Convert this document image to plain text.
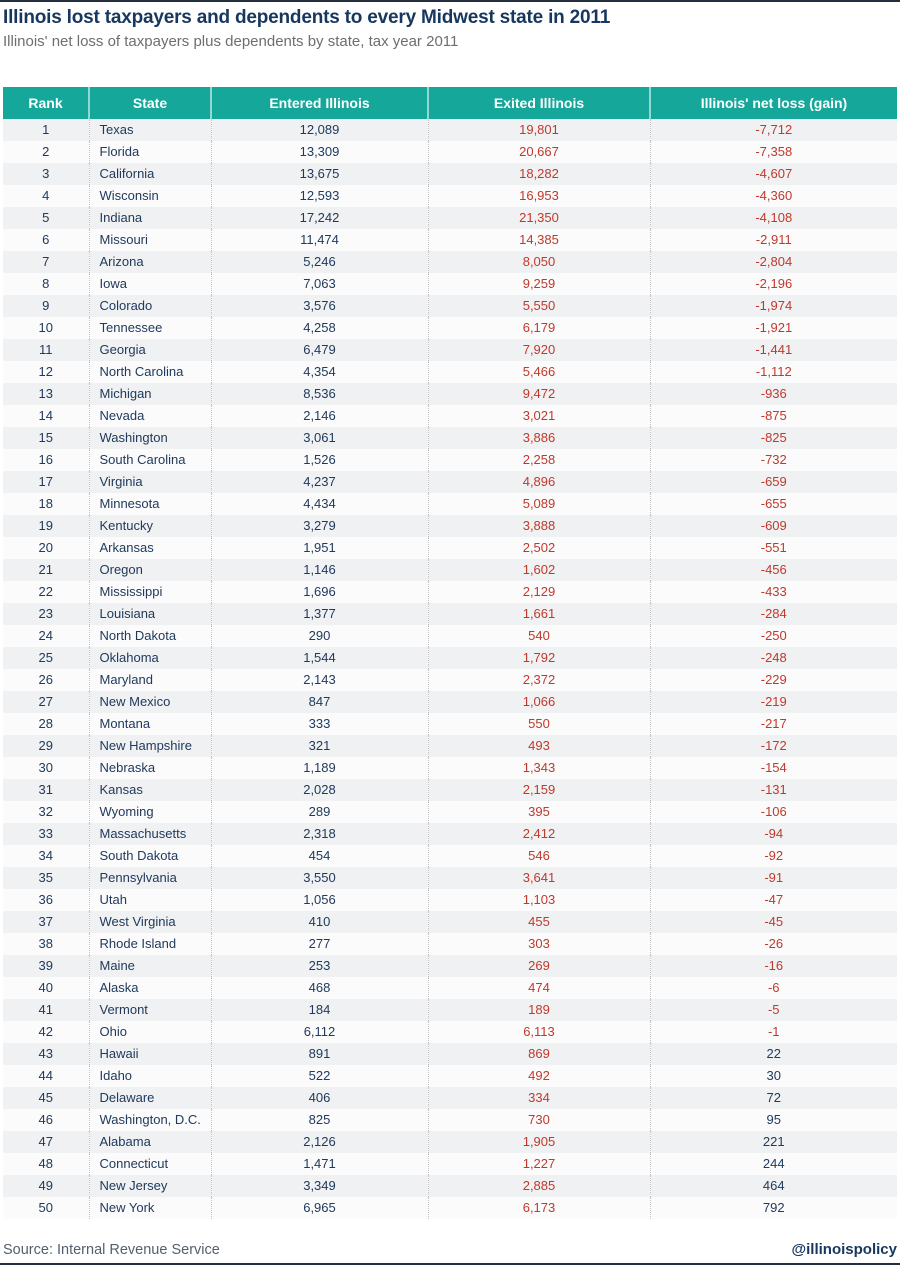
Illinois lost taxpayers and dependents to every Midwest state in 2011

Illinois' net loss of taxpayers plus dependents by state, tax year 2011

Rank	State	Entered Illinois	Exited Illinois	Illinois' net loss (gain)
1	Texas	12,089	19,801	-7,712
2	Florida	13,309	20,667	-7,358
3	California	13,675	18,282	-4,607
4	Wisconsin	12,593	16,953	-4,360
5	Indiana	17,242	21,350	-4,108
6	Missouri	11,474	14,385	-2,911
7	Arizona	5,246	8,050	-2,804
8	Iowa	7,063	9,259	-2,196
9	Colorado	3,576	5,550	-1,974
10	Tennessee	4,258	6,179	-1,921
11	Georgia	6,479	7,920	-1,441
12	North Carolina	4,354	5,466	-1,112
13	Michigan	8,536	9,472	-936
14	Nevada	2,146	3,021	-875
15	Washington	3,061	3,886	-825
16	South Carolina	1,526	2,258	-732
17	Virginia	4,237	4,896	-659
18	Minnesota	4,434	5,089	-655
19	Kentucky	3,279	3,888	-609
20	Arkansas	1,951	2,502	-551
21	Oregon	1,146	1,602	-456
22	Mississippi	1,696	2,129	-433
23	Louisiana	1,377	1,661	-284
24	North Dakota	290	540	-250
25	Oklahoma	1,544	1,792	-248
26	Maryland	2,143	2,372	-229
27	New Mexico	847	1,066	-219
28	Montana	333	550	-217
29	New Hampshire	321	493	-172
30	Nebraska	1,189	1,343	-154
31	Kansas	2,028	2,159	-131
32	Wyoming	289	395	-106
33	Massachusetts	2,318	2,412	-94
34	South Dakota	454	546	-92
35	Pennsylvania	3,550	3,641	-91
36	Utah	1,056	1,103	-47
37	West Virginia	410	455	-45
38	Rhode Island	277	303	-26
39	Maine	253	269	-16
40	Alaska	468	474	-6
41	Vermont	184	189	-5
42	Ohio	6,112	6,113	-1
43	Hawaii	891	869	22
44	Idaho	522	492	30
45	Delaware	406	334	72
46	Washington, D.C.	825	730	95
47	Alabama	2,126	1,905	221
48	Connecticut	1,471	1,227	244
49	New Jersey	3,349	2,885	464
50	New York	6,965	6,173	792
Source: Internal Revenue Service	@illinoispolicy
